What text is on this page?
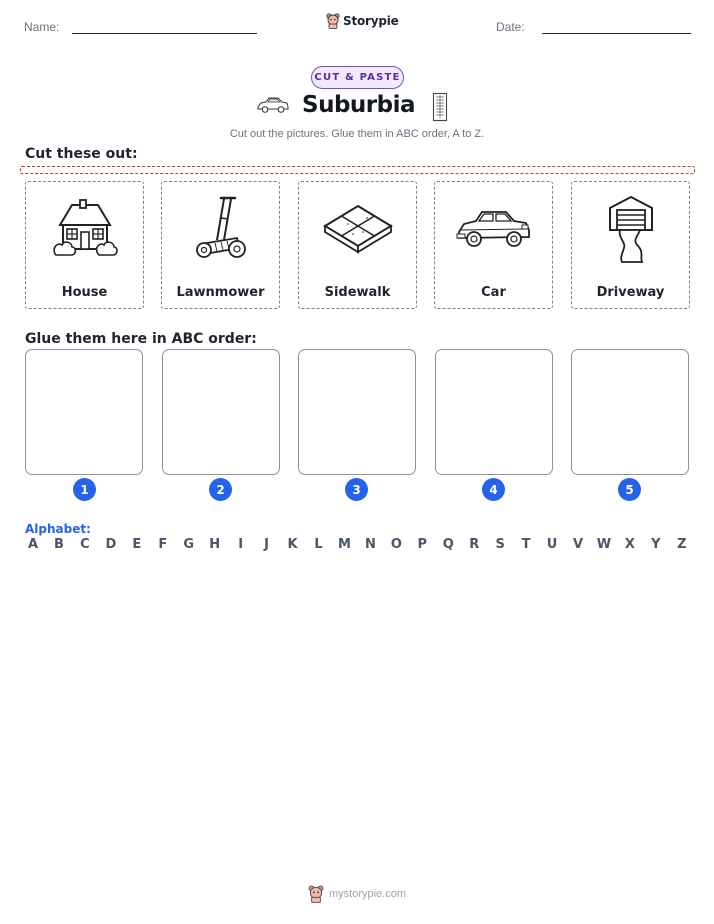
Name:	Date:
Storypie
CUT & PASTE
Suburbia
Cut out the pictures. Glue them in ABC order, A to Z.
Cut these out:
House	Lawnmower	Sidewalk	Car	Driveway
Glue them here in ABC order:
1	2	3	4	5
Alphabet:
A B C D E F G H	I	J	K L M N O P Q R S T U V W X Y Z
mystorypie.com
